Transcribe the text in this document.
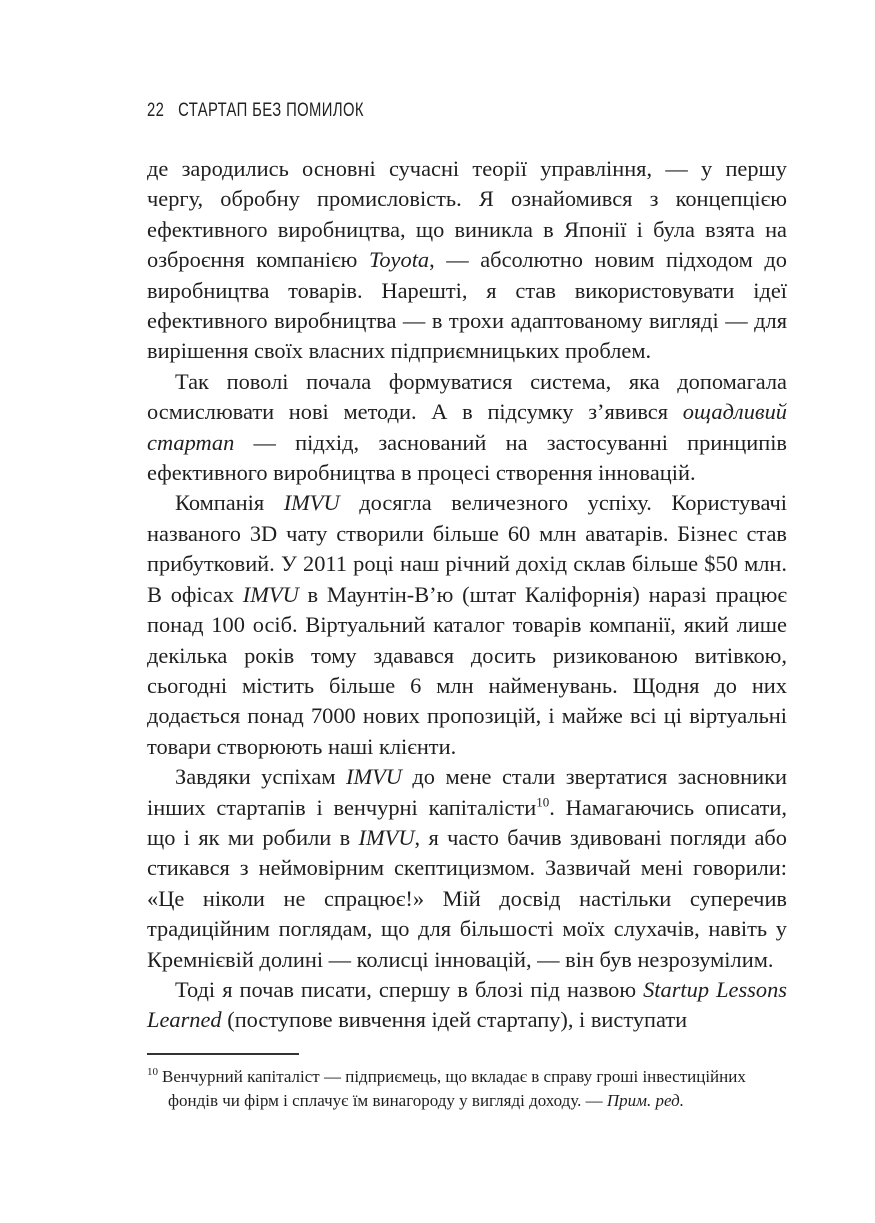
22 СТАРТАП БЕЗ ПОМИЛОК

де зародились основні сучасні теорії управління, — у першу чергу, обробну промисловість. Я ознайомився з концепцією ефективного виробництва, що виникла в Японії і була взята на озброєння компанією Toyota, — абсолютно новим підходом до виробництва товарів. Нарешті, я став використовувати ідеї ефективного виробництва — в трохи адаптованому вигляді — для вирішення своїх власних підприємницьких проблем.

Так поволі почала формуватися система, яка допомагала осмислювати нові методи. А в підсумку з’явився ощадливий стартап — підхід, заснований на застосуванні принципів ефективного виробництва в процесі створення інновацій.

Компанія IMVU досягла величезного успіху. Користувачі названого 3D чату створили більше 60 млн аватарів. Бізнес став прибутковий. У 2011 році наш річний дохід склав більше $50 млн. В офісах IMVU в Маунтін-В’ю (штат Каліфорнія) наразі працює понад 100 осіб. Віртуальний каталог товарів компанії, який лише декілька років тому здавався досить ризикованою витівкою, сьогодні містить більше 6 млн найменувань. Щодня до них додається понад 7000 нових пропозицій, і майже всі ці віртуальні товари створюють наші клієнти.

Завдяки успіхам IMVU до мене стали звертатися засновники інших стартапів і венчурні капіталісти$^{10}$. Намагаючись описати, що і як ми робили в IMVU, я часто бачив здивовані погляди або стикався з неймовірним скептицизмом. Зазвичай мені говорили: «Це ніколи не спрацює!» Мій досвід настільки суперечив традиційним поглядам, що для більшості моїх слухачів, навіть у Кремнієвій долині — колисці інновацій, — він був незрозумілим.

Тоді я почав писати, спершу в блозі під назвою Startup Lessons Learned (поступове вивчення ідей стартапу), і виступати

$^{10}$ Венчурний капіталіст — підприємець, що вкладає в справу гроші інвестиційних
фондів чи фірм і сплачує їм винагороду у вигляді доходу. — Прим. ред.
